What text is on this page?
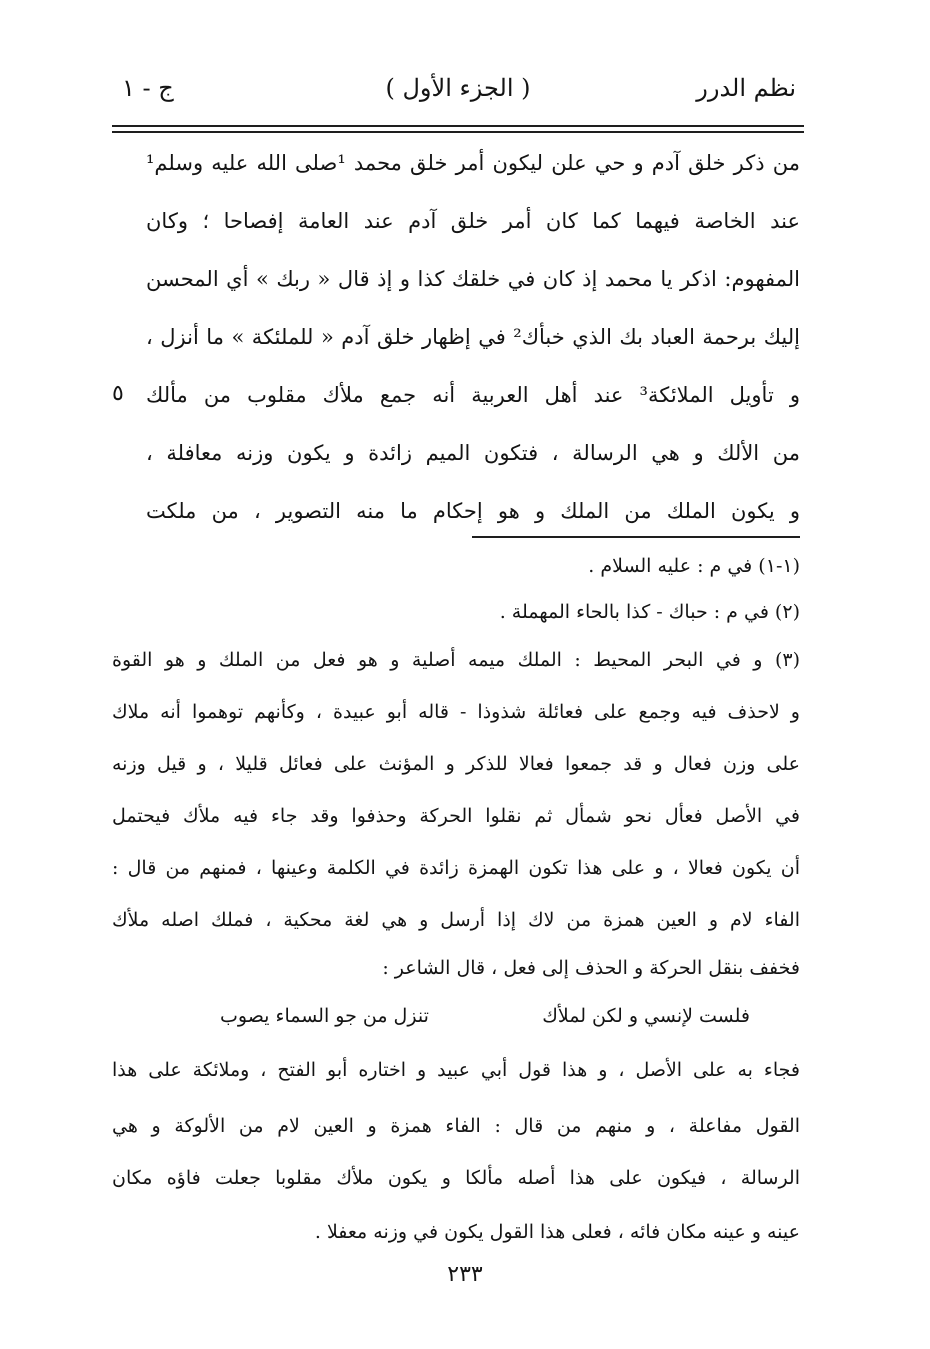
نظم الدرر
( الجزء الأول )
ج - ١
من ذكر خلق آدم و حي علن ليكون أمر خلق محمد ¹صلى الله عليه وسلم¹
عند الخاصة فيهما كما كان أمر خلق آدم عند العامة إفصاحا ؛ وكان
المفهوم: اذكر يا محمد إذ كان في خلقك كذا و إذ قال « ربك » أي المحسن
إليك برحمة العباد بك الذي خبأك² في إظهار خلق آدم « للملئكة » ما أنزل ،
و تأويل الملائكة³ عند أهل العربية أنه جمع ملأك مقلوب من مألك
من الألك و هي الرسالة ، فتكون الميم زائدة و يكون وزنه معافلة ،
و يكون الملك من الملك و هو إحكام ما منه التصوير ، من ملكت
٥
(١-١) في م : عليه السلام .
(٢) في م : حباك - كذا بالحاء المهملة .
(٣) و في البحر المحيط : الملك ميمه أصلية و هو فعل من الملك و هو القوة
و لاحذف فيه وجمع على فعائلة شذوذا - قاله أبو عبيدة ، وكأنهم توهموا أنه ملاك
على وزن فعال و قد جمعوا فعالا للذكر و المؤنث على فعائل قليلا ، و قيل وزنه
في الأصل فعأل نحو شمأل ثم نقلوا الحركة وحذفوا وقد جاء فيه ملأك فيحتمل
أن يكون فعالا ، و على هذا تكون الهمزة زائدة في الكلمة وعينها ، فمنهم من قال :
الفاء لام و العين همزة من لاك إذا أرسل و هي لغة محكية ، فملك اصله ملأك
فخفف بنقل الحركة و الحذف إلى فعل ، قال الشاعر :
فلست لإنسي و لكن لملأك
تنزل من جو السماء يصوب
فجاء به على الأصل ، و هذا قول أبي عبيد و اختاره أبو الفتح ، وملائكة على هذا
القول مفاعلة ، و منهم من قال : الفاء همزة و العين لام من الألوكة و هي
الرسالة ، فيكون على هذا أصله مألكا و يكون ملأك مقلوبا جعلت فاؤه مكان
عينه و عينه مكان فائه ، فعلى هذا القول يكون في وزنه معفلا .
٢٣٣
